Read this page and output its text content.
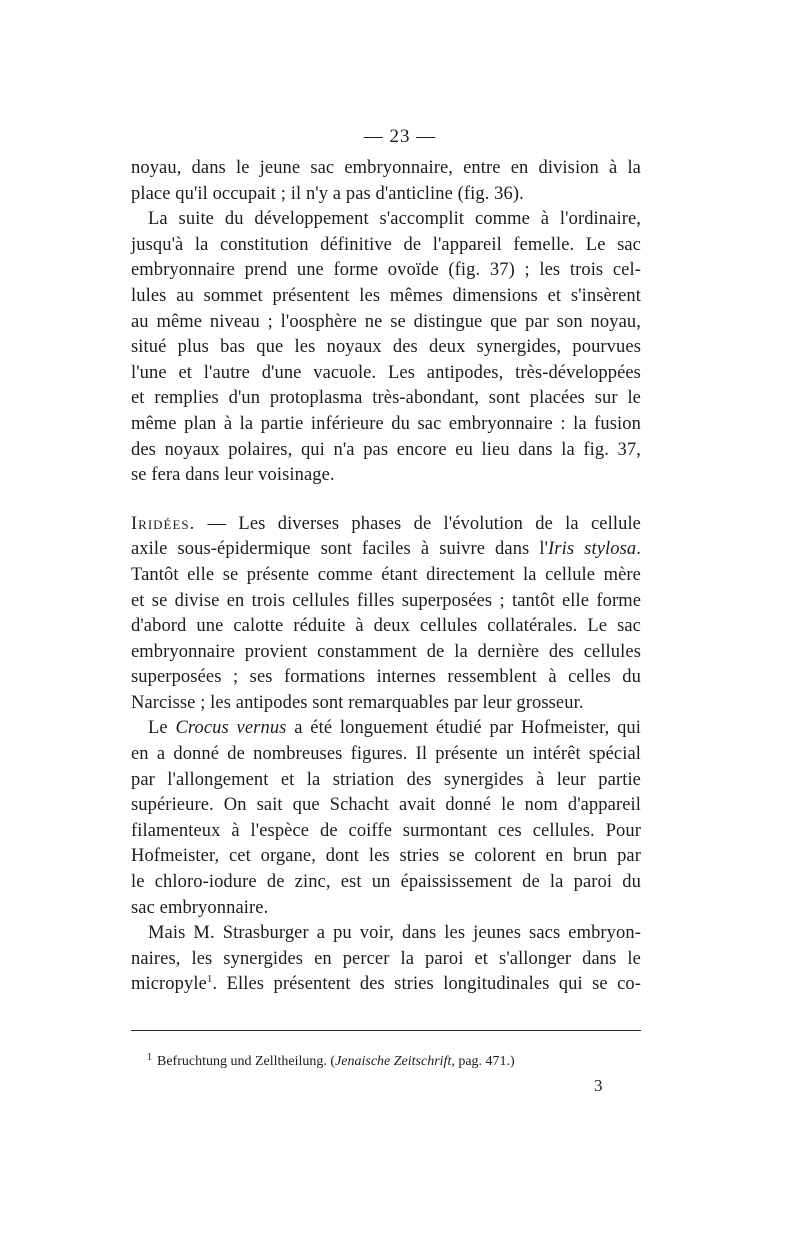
— 23 —
noyau, dans le jeune sac embryonnaire, entre en division à la
place qu'il occupait ; il n'y a pas d'anticline (fig. 36).
La suite du développement s'accomplit comme à l'ordinaire,
jusqu'à la constitution définitive de l'appareil femelle. Le sac
embryonnaire prend une forme ovoïde (fig. 37) ; les trois cel-
lules au sommet présentent les mêmes dimensions et s'insèrent
au même niveau ; l'oosphère ne se distingue que par son noyau,
situé plus bas que les noyaux des deux synergides, pourvues
l'une et l'autre d'une vacuole. Les antipodes, très-développées
et remplies d'un protoplasma très-abondant, sont placées sur le
même plan à la partie inférieure du sac embryonnaire : la fusion
des noyaux polaires, qui n'a pas encore eu lieu dans la fig. 37,
se fera dans leur voisinage.
Iridées. — Les diverses phases de l'évolution de la cellule
axile sous-épidermique sont faciles à suivre dans l'Iris stylosa.
Tantôt elle se présente comme étant directement la cellule mère
et se divise en trois cellules filles superposées ; tantôt elle forme
d'abord une calotte réduite à deux cellules collatérales. Le sac
embryonnaire provient constamment de la dernière des cellules
superposées ; ses formations internes ressemblent à celles du
Narcisse ; les antipodes sont remarquables par leur grosseur.
Le Crocus vernus a été longuement étudié par Hofmeister, qui
en a donné de nombreuses figures. Il présente un intérêt spécial
par l'allongement et la striation des synergides à leur partie
supérieure. On sait que Schacht avait donné le nom d'appareil
filamenteux à l'espèce de coiffe surmontant ces cellules. Pour
Hofmeister, cet organe, dont les stries se colorent en brun par
le chloro-iodure de zinc, est un épaississement de la paroi du
sac embryonnaire.
Mais M. Strasburger a pu voir, dans les jeunes sacs embryon-
naires, les synergides en percer la paroi et s'allonger dans le
micropyle$^1$. Elles présentent des stries longitudinales qui se co-
$^1$ Befruchtung und Zelltheilung. (Jenaische Zeitschrift, pag. 471.)
3
